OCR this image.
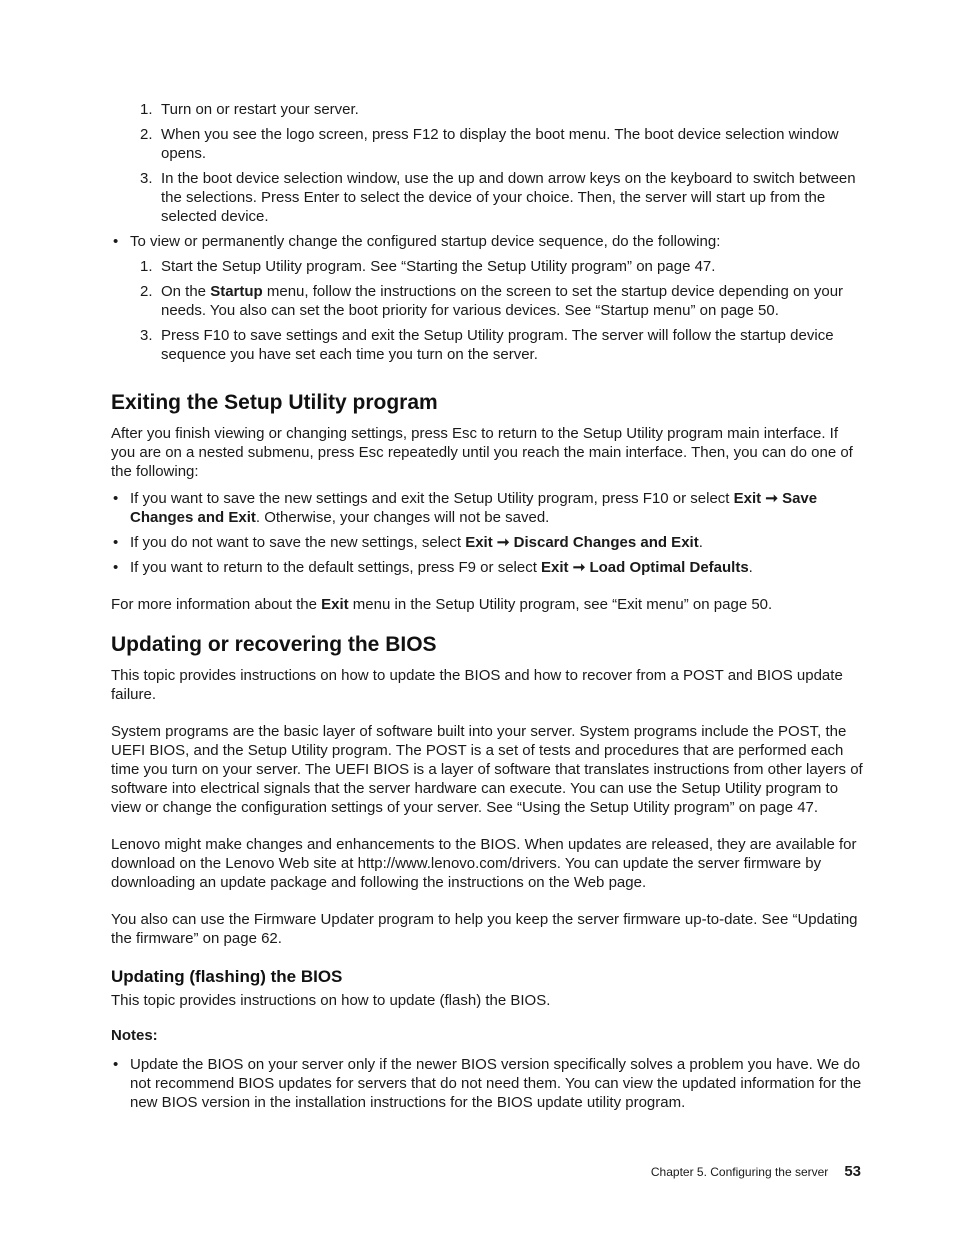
1. Turn on or restart your server.
2. When you see the logo screen, press F12 to display the boot menu. The boot device selection window opens.
3. In the boot device selection window, use the up and down arrow keys on the keyboard to switch between the selections. Press Enter to select the device of your choice. Then, the server will start up from the selected device.
• To view or permanently change the configured startup device sequence, do the following:
1. Start the Setup Utility program. See “Starting the Setup Utility program” on page 47.
2. On the Startup menu, follow the instructions on the screen to set the startup device depending on your needs. You also can set the boot priority for various devices. See “Startup menu” on page 50.
3. Press F10 to save settings and exit the Setup Utility program. The server will follow the startup device sequence you have set each time you turn on the server.
Exiting the Setup Utility program

After you finish viewing or changing settings, press Esc to return to the Setup Utility program main interface. If you are on a nested submenu, press Esc repeatedly until you reach the main interface. Then, you can do one of the following:

• If you want to save the new settings and exit the Setup Utility program, press F10 or select Exit ➞ Save Changes and Exit. Otherwise, your changes will not be saved.
• If you do not want to save the new settings, select Exit ➞ Discard Changes and Exit.
• If you want to return to the default settings, press F9 or select Exit ➞ Load Optimal Defaults.

For more information about the Exit menu in the Setup Utility program, see “Exit menu” on page 50.

Updating or recovering the BIOS

This topic provides instructions on how to update the BIOS and how to recover from a POST and BIOS update failure.

System programs are the basic layer of software built into your server. System programs include the POST, the UEFI BIOS, and the Setup Utility program. The POST is a set of tests and procedures that are performed each time you turn on your server. The UEFI BIOS is a layer of software that translates instructions from other layers of software into electrical signals that the server hardware can execute. You can use the Setup Utility program to view or change the configuration settings of your server. See “Using the Setup Utility program” on page 47.

Lenovo might make changes and enhancements to the BIOS. When updates are released, they are available for download on the Lenovo Web site at http://www.lenovo.com/drivers. You can update the server firmware by downloading an update package and following the instructions on the Web page.

You also can use the Firmware Updater program to help you keep the server firmware up-to-date. See “Updating the firmware” on page 62.

Updating (flashing) the BIOS

This topic provides instructions on how to update (flash) the BIOS.

Notes:

• Update the BIOS on your server only if the newer BIOS version specifically solves a problem you have. We do not recommend BIOS updates for servers that do not need them. You can view the updated information for the new BIOS version in the installation instructions for the BIOS update utility program.
Chapter 5. Configuring the server 53
